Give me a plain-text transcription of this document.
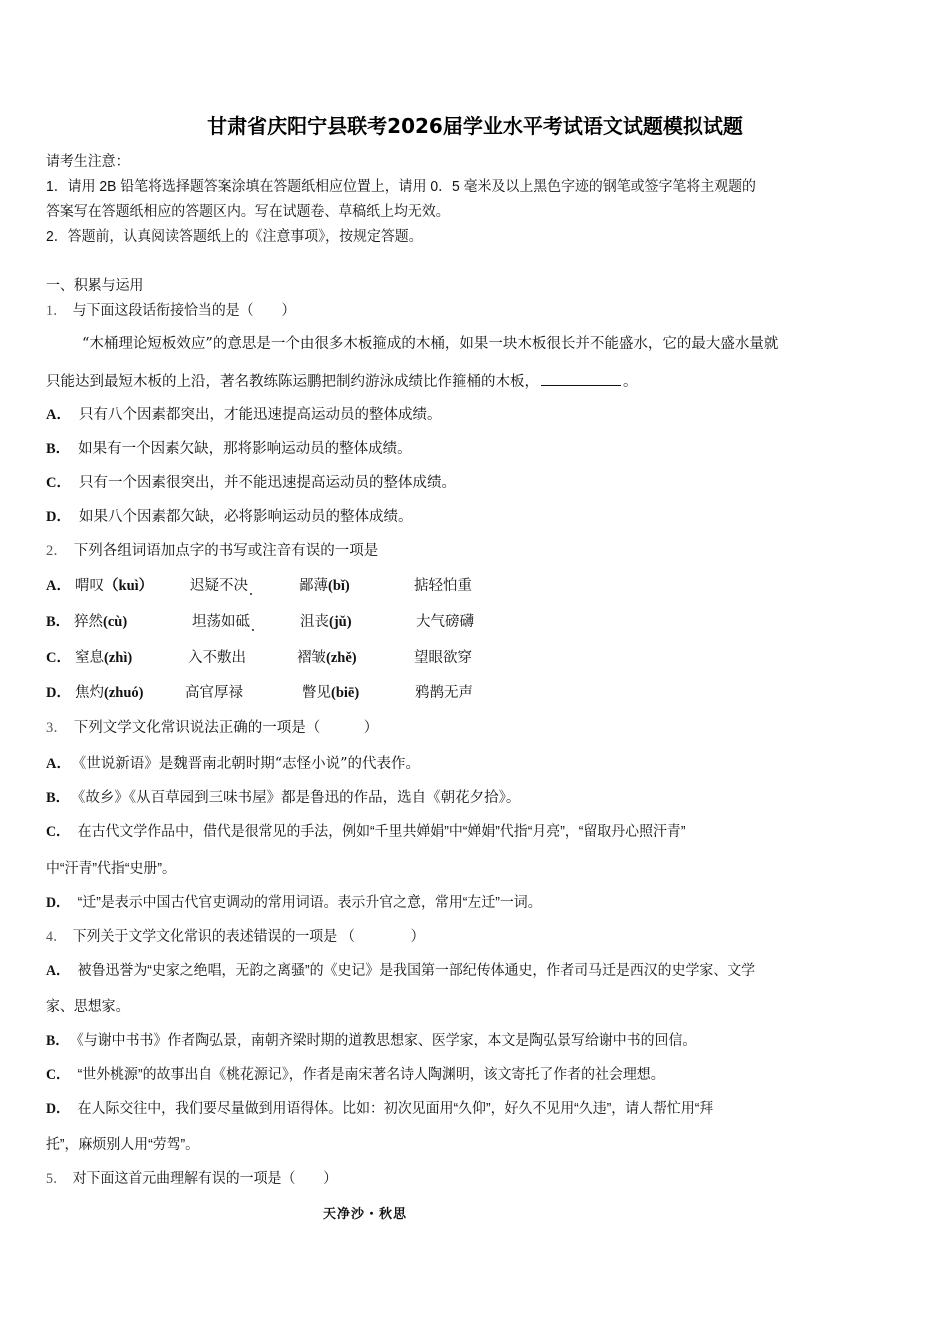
甘肃省庆阳宁县联考2026届学业水平考试语文试题模拟试题
请考生注意：
1．请用 2B 铅笔将选择题答案涂填在答题纸相应位置上，请用 0．5 毫米及以上黑色字迹的钢笔或签字笔将主观题的
答案写在答题纸相应的答题区内。写在试题卷、草稿纸上均无效。
2．答题前，认真阅读答题纸上的《注意事项》，按规定答题。
一、积累与运用
1． 与下面这段话衔接恰当的是（　　）
“木桶理论短板效应”的意思是一个由很多木板箍成的木桶，如果一块木板很长并不能盛水，它的最大盛水量就
只能达到最短木板的上沿，著名教练陈运鹏把制约游泳成绩比作箍桶的木板，	。
A． 只有八个因素都突出，才能迅速提高运动员的整体成绩。
B． 如果有一个因素欠缺，那将影响运动员的整体成绩。
C． 只有一个因素很突出，并不能迅速提高运动员的整体成绩。
D． 如果八个因素都欠缺，必将影响运动员的整体成绩。
2． 下列各组词语加点字的书写或注音有误的一项是
A． 喟叹（kuì）	迟疑不决	鄙薄(bǐ)	掂轻怕重
B． 猝然(cù)	坦荡如砥	沮丧(jǔ)	大气磅礴
C． 窒息(zhì)	入不敷出	褶皱(zhě)	望眼欲穿
D． 焦灼(zhuó)	高官厚禄	瞥见(biē)	鸦鹊无声
3． 下列文学文化常识说法正确的一项是（　　　）
A． 《世说新语》是魏晋南北朝时期“志怪小说”的代表作。
B． 《故乡》《从百草园到三味书屋》都是鲁迅的作品，选自《朝花夕拾》。
C． 在古代文学作品中，借代是很常见的手法，例如“千里共婵娟”中“婵娟”代指“月亮”，“留取丹心照汗青”
中“汗青”代指“史册”。
D． “迁”是表示中国古代官吏调动的常用词语。表示升官之意，常用“左迁”一词。
4． 下列关于文学文化常识的表述错误的一项是 （　　　　）
A． 被鲁迅誉为“史家之绝唱，无韵之离骚”的《史记》是我国第一部纪传体通史，作者司马迁是西汉的史学家、文学
家、思想家。
B． 《与谢中书书》作者陶弘景，南朝齐梁时期的道教思想家、医学家，本文是陶弘景写给谢中书的回信。
C． “世外桃源”的故事出自《桃花源记》，作者是南宋著名诗人陶渊明，该文寄托了作者的社会理想。
D． 在人际交往中，我们要尽量做到用语得体。比如：初次见面用“久仰”，好久不见用“久违”，请人帮忙用“拜
托”，麻烦别人用“劳驾”。
5． 对下面这首元曲理解有误的一项是（　　）
天净沙・秋思
